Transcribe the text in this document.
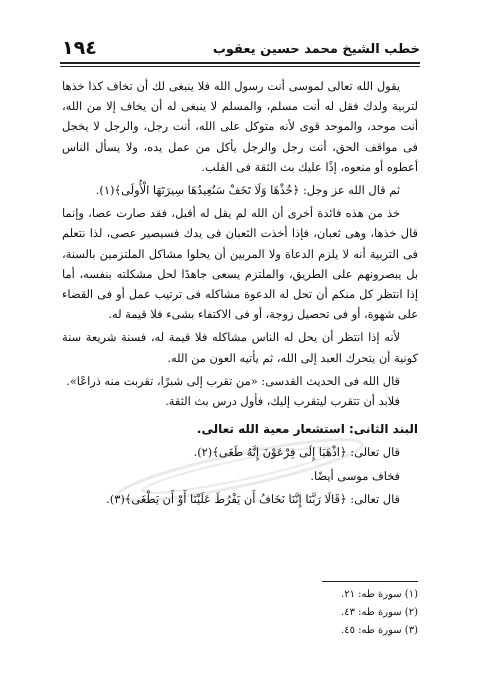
خطب الشيخ محمد حسين يعقوب
١٩٤

يقول الله تعالى لموسى أنت رسول الله فلا ينبغى لك أن تخاف كذا خذها لتربية ولدك فقل له أنت مسلم، والمسلم لا ينبغى له أن يخاف إلا من الله، أنت موحد، والموحد قوى لأنه متوكل على الله، أنت رجل، والرجل لا يخجل فى مواقف الحق، أنت رجل والرجل يأكل من عمل يده، ولا يسأل الناس أعطوه أو منعوه، إذًا عليك بث الثقة فى القلب.

ثم قال الله عز وجل: ﴿خُذْهَا وَلَا تَخَفْ سَنُعِيدُهَا سِيرَتَهَا الْأُولَى﴾(١).

خذ من هذه فائدة أخرى أن الله لم يقل له أقبل، فقد صارت عصا، وإنما قال خذها، وهى ثعبان، فإذا أخذت الثعبان فى يدك فسيصير عصى، لذا نتعلم فى التربية أنه لا يلزم الدعاة ولا المربين أن يحلوا مشاكل الملتزمين بالسنة، بل يبصرونهم على الطريق، والملتزم يسعى جاهدًا لحل مشكلته بنفسه، أما إذا انتظر كل منكم أن تحل له الدعوة مشاكله فى ترتيب عمل أو فى القضاء على شهوة، أو فى تحصيل زوجة، أو فى الاكتفاء بشىء فلا قيمة له.

لأنه إذا انتظر أن يحل له الناس مشاكله فلا قيمة له، فسنة شريعة سنة كونية أن يتحرك العبد إلى الله، ثم يأتيه العون من الله.

قال الله فى الحديث القدسى: «من تقرب إلى شبرًا، تقربت منه ذراعًا».

فلابد أن تتقرب ليتقرب إليك، فأول درس بث الثقة.

البند الثانى: استشعار معية الله تعالى.

قال تعالى: ﴿اذْهَبَا إِلَى فِرْعَوْنَ إِنَّهُ طَغَى﴾(٢).

فخاف موسى أيضًا.

قال تعالى: ﴿قَالَا رَبَّنَا إِنَّنَا نَخَافُ أَن يَفْرُطَ عَلَيْنَا أَوْ أَن يَطْغَى﴾(٣).

(١) سورة طه: ٢١.
(٢) سورة طه: ٤٣.
(٣) سورة طه: ٤٥.
